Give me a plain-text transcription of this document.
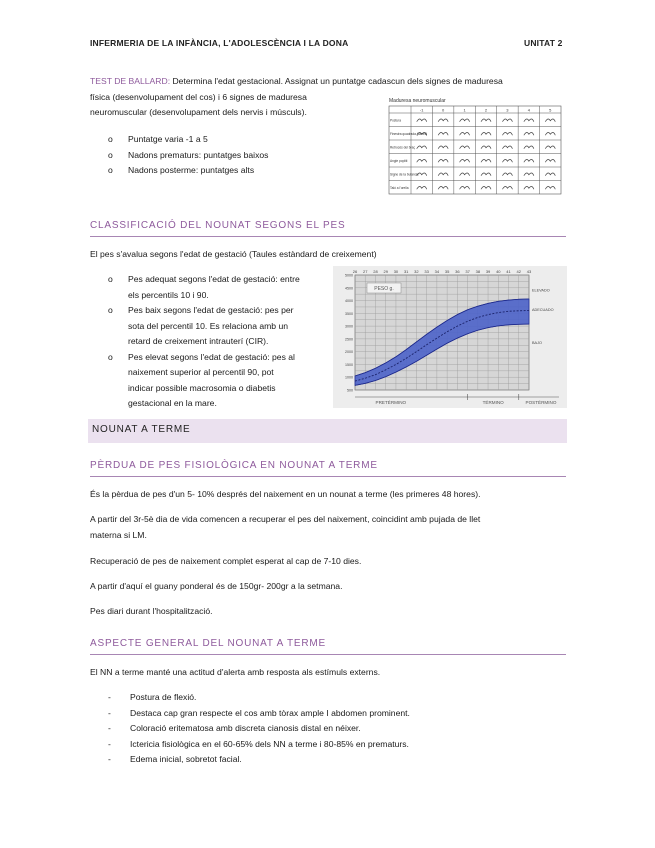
INFERMERIA DE LA INFÀNCIA, L'ADOLESCÈNCIA I LA DONA	UNITAT 2
TEST DE BALLARD: Determina l'edat gestacional. Assignat un puntatge cadascun dels signes de maduresa
física (desenvolupament del cos) i 6 signes de maduresa
neuromuscular (desenvolupament dels nervis i músculs).
o Puntatge varia -1 a 5
o Nadons prematurs: puntatges baixos
o Nadons posterme: puntatges alts
Maduresa neuromuscular
-1	0	1	2	3	4	5
Postura
Finestra quadrada (canell)
Retrocés del braç
Angle popliti
Signe de la bufanda
Taló a l'orella
CLASSIFICACIÓ DEL NOUNAT SEGONS EL PES
El pes s'avalua segons l'edat de gestació (Taules estàndard de creixement)
o Pes adequat segons l'edat de gestació: entre
els percentils 10 i 90.
o Pes baix segons l'edat de gestació: pes per
sota del percentil 10. Es relaciona amb un
retard de creixement intrauterí (CIR).
o Pes elevat segons l'edat de gestació: pes al
naixement superior al percentil 90, pot
indicar possible macrosomia o diabetis
gestacional en la mare.
26 27 28 29 30 31 32 33 34 35 36 37 38 39 40 41 42 43
500
1000
1500
2000
2500
3000
3500
4000
4500
5000
PESO g.	ELEVADO
ADECUADO
BAJO
PRETÉRMINO	TÉRMINO	POSTÉRMINO
NOUNAT A TERME
PÈRDUA DE PES FISIOLÒGICA EN NOUNAT A TERME
És la pèrdua de pes d'un 5- 10% després del naixement en un nounat a terme (les primeres 48 hores).
A partir del 3r-5è dia de vida comencen a recuperar el pes del naixement, coincidint amb pujada de llet
materna si LM.
Recuperació de pes de naixement complet esperat al cap de 7-10 dies.
A partir d'aquí el guany ponderal és de 150gr- 200gr a la setmana.
Pes diari durant l'hospitalització.
ASPECTE GENERAL DEL NOUNAT A TERME
El NN a terme manté una actitud d'alerta amb resposta als estímuls externs.
- Postura de flexió.
- Destaca cap gran respecte el cos amb tòrax ample I abdomen prominent.
- Coloració eritematosa amb discreta cianosis distal en néixer.
- Ictericia fisiològica en el 60-65% dels NN a terme i 80-85% en prematurs.
- Edema inicial, sobretot facial.
